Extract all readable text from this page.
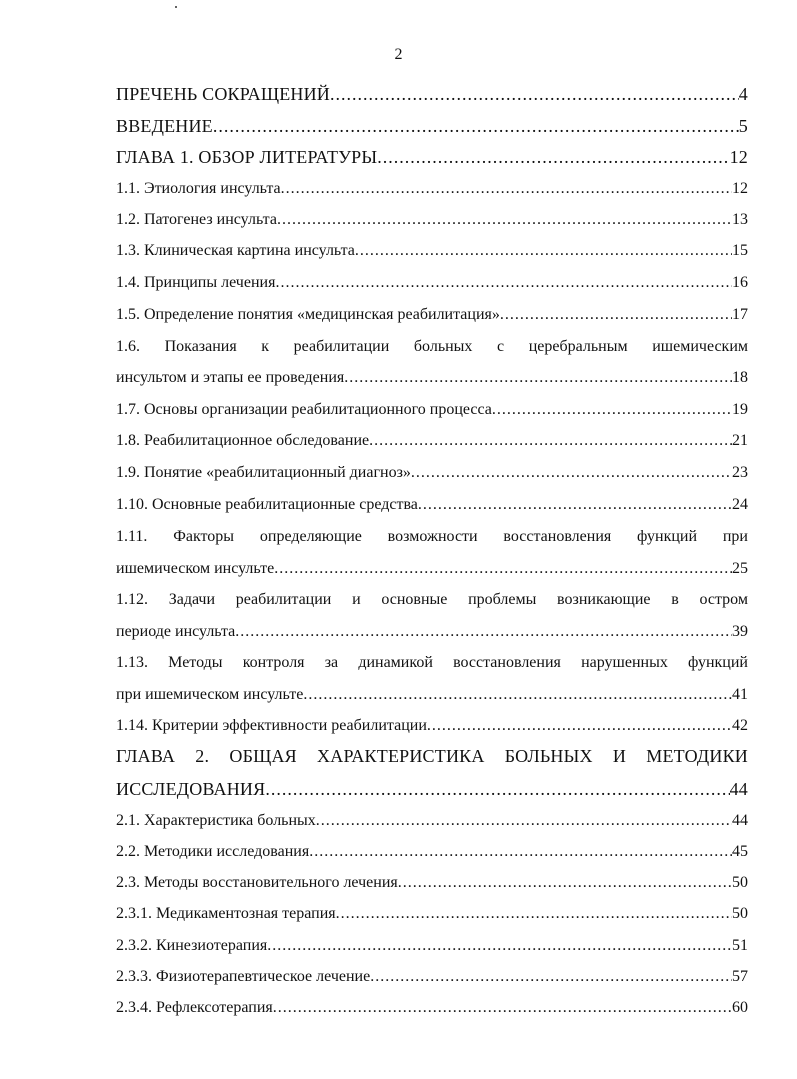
2
ПРЕЧЕНЬ СОКРАЩЕНИЙ .....	4
ВВЕДЕНИЕ .....	5
ГЛАВА 1. ОБЗОР ЛИТЕРАТУРЫ .....	12
1.1. Этиология инсульта .....	12
1.2. Патогенез инсульта .....	13
1.3. Клиническая картина инсульта .....	15
1.4. Принципы лечения .....	16
1.5. Определение понятия «медицинская реабилитация» .....	17
1.6. Показания к реабилитации больных с церебральным ишемическим
инсультом и этапы ее проведения .....	18
1.7. Основы организации реабилитационного процесса .....	19
1.8. Реабилитационное обследование .....	21
1.9. Понятие «реабилитационный диагноз» .....	23
1.10. Основные реабилитационные средства .....	24
1.11. Факторы определяющие возможности восстановления функций при
ишемическом инсульте .....	25
1.12. Задачи реабилитации и основные проблемы возникающие в остром
периоде инсульта .....	39
1.13. Методы контроля за динамикой восстановления нарушенных функций
при ишемическом инсульте .....	41
1.14. Критерии эффективности реабилитации .....	42
ГЛАВА 2. ОБЩАЯ ХАРАКТЕРИСТИКА БОЛЬНЫХ И МЕТОДИКИ
ИССЛЕДОВАНИЯ .....	44
2.1. Характеристика больных .....	44
2.2. Методики исследования .....	45
2.3. Методы восстановительного лечения .....	50
2.3.1. Медикаментозная терапия .....	50
2.3.2. Кинезиотерапия .....	51
2.3.3. Физиотерапевтическое лечение .....	57
2.3.4. Рефлексотерапия .....	60
